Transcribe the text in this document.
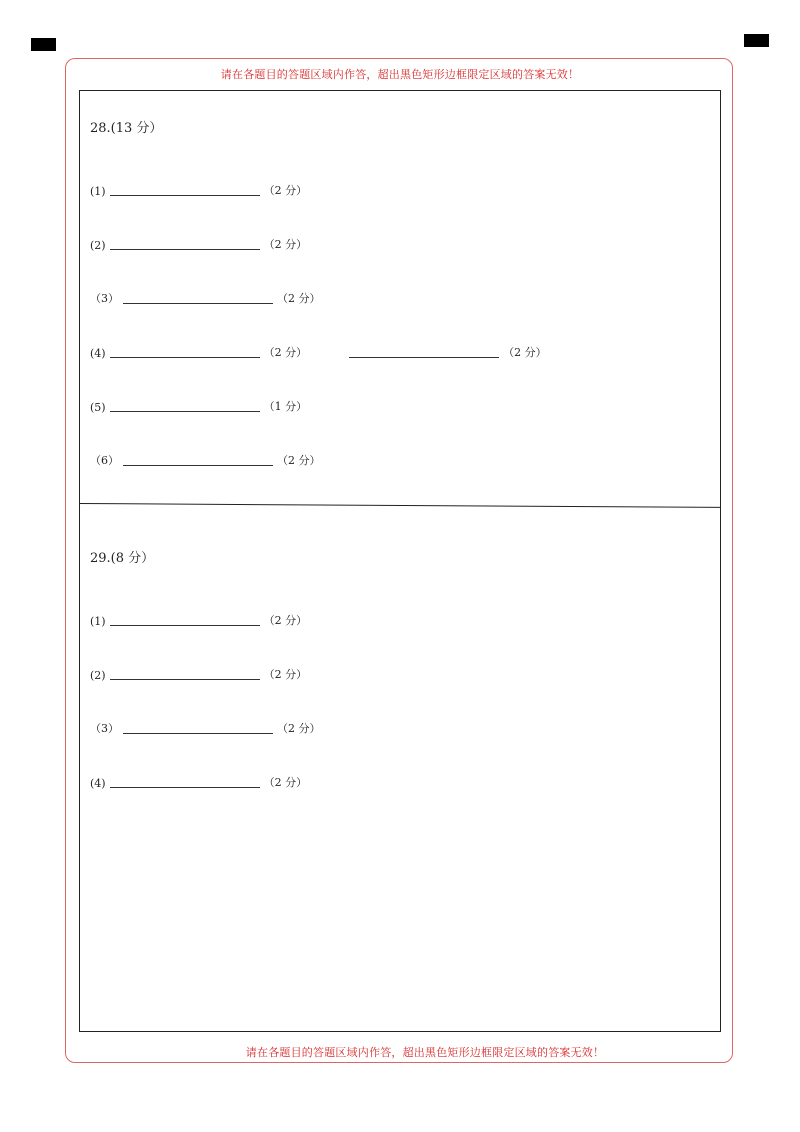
请在各题目的答题区域内作答，超出黑色矩形边框限定区域的答案无效！
请在各题目的答题区域内作答，超出黑色矩形边框限定区域的答案无效！
28.(13 分）
(1)	（2 分）
(2)	（2 分）
（3）	（2 分）
(4)	（2 分）	（2 分）
(5)	（1 分）
（6）	（2 分）
29.(8 分）
(1)	（2 分）
(2)	（2 分）
（3）	（2 分）
(4)	（2 分）
